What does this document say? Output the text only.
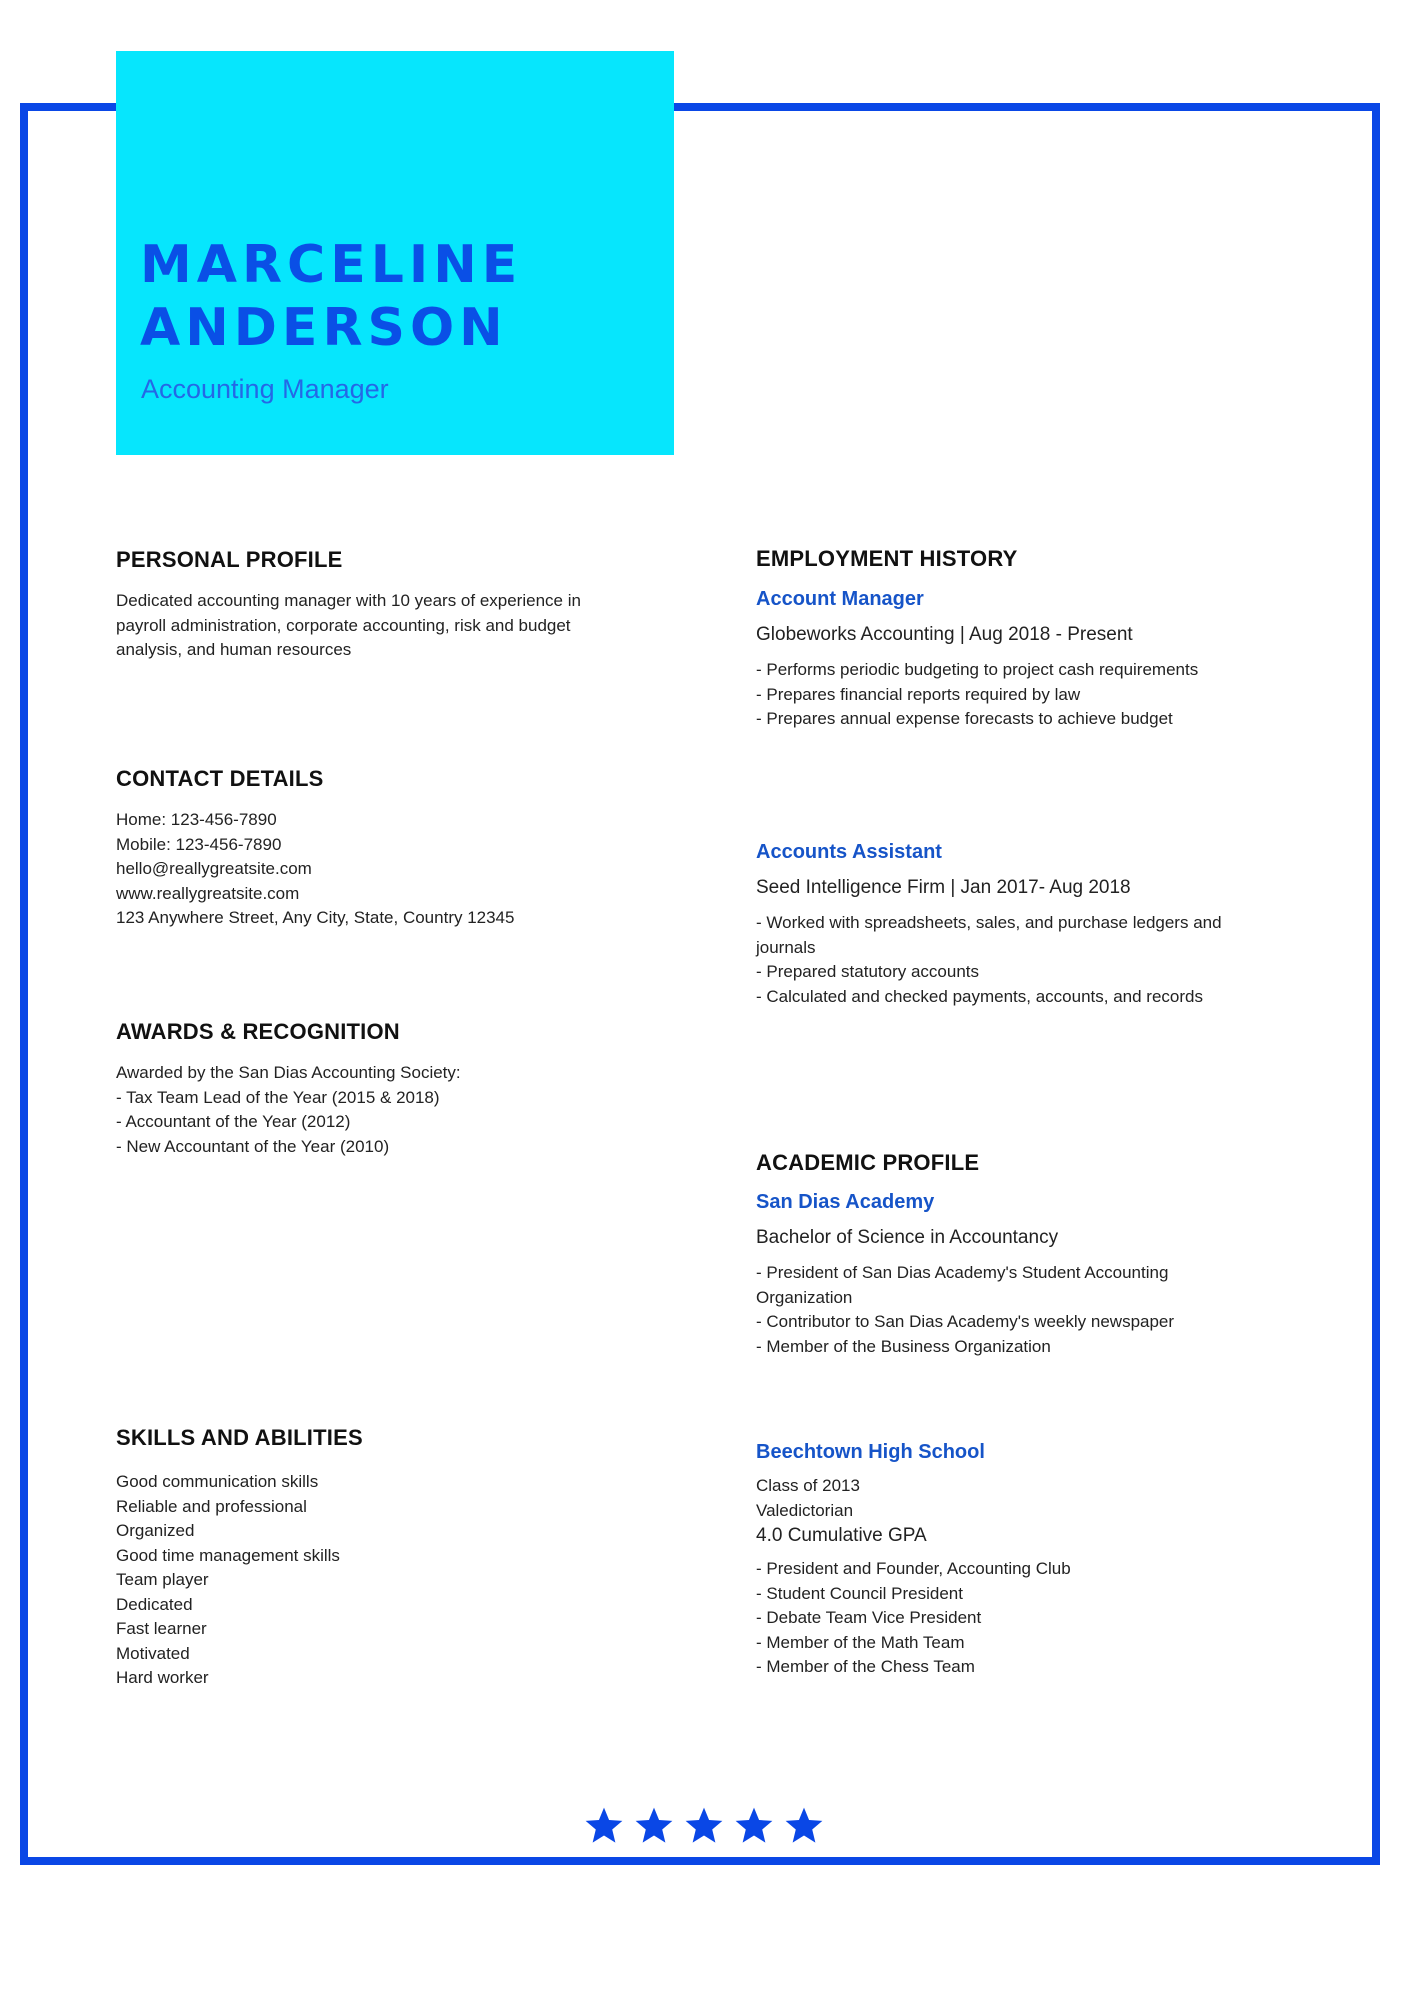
MARCELINE
ANDERSON
Accounting Manager
PERSONAL PROFILE
Dedicated accounting manager with 10 years of experience in
payroll administration, corporate accounting, risk and budget
analysis, and human resources
CONTACT DETAILS
Home: 123-456-7890
Mobile: 123-456-7890
hello@reallygreatsite.com
www.reallygreatsite.com
123 Anywhere Street, Any City, State, Country 12345
AWARDS & RECOGNITION
Awarded by the San Dias Accounting Society:
- Tax Team Lead of the Year (2015 & 2018)
- Accountant of the Year (2012)
- New Accountant of the Year (2010)
SKILLS AND ABILITIES
Good communication skills
Reliable and professional
Organized
Good time management skills
Team player
Dedicated
Fast learner
Motivated
Hard worker
EMPLOYMENT HISTORY
Account Manager
Globeworks Accounting | Aug 2018 - Present
- Performs periodic budgeting to project cash requirements
- Prepares financial reports required by law
- Prepares annual expense forecasts to achieve budget
Accounts Assistant
Seed Intelligence Firm | Jan 2017- Aug 2018
- Worked with spreadsheets, sales, and purchase ledgers and
journals
- Prepared statutory accounts
- Calculated and checked payments, accounts, and records
ACADEMIC PROFILE
San Dias Academy
Bachelor of Science in Accountancy
- President of San Dias Academy's Student Accounting
Organization
- Contributor to San Dias Academy's weekly newspaper
- Member of the Business Organization
Beechtown High School
Class of 2013
Valedictorian
4.0 Cumulative GPA
- President and Founder, Accounting Club
- Student Council President
- Debate Team Vice President
- Member of the Math Team
- Member of the Chess Team
